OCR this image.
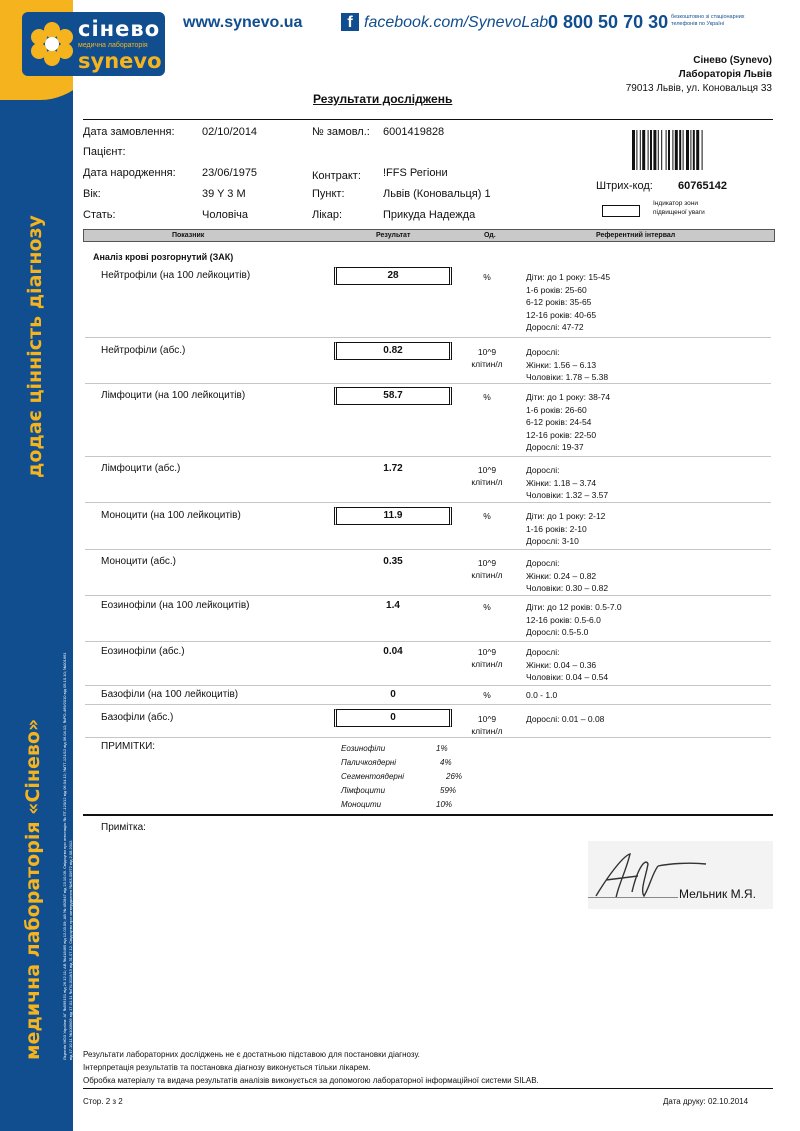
додає цінність діагнозу
медична лабораторія «Сінево»	Ліцензія МОЗ України: АГ №599151 від 26.12.11; АВ №418465 від 12.03.09; АВ № 492847 від 23.10.09. Свідоцтво про атестацію № ПТ-120/12 від 06.04.12; №ПТ-121/12 від 06.04.12; №РО-469/2010 від 05.10.10; №001661 від 17.10.11 №1009/09 від 17.01.11 №ПЧ-0118/13 від 31.07.12. Свідоцтво про затвердження №ЖЗ-00672 від 2.08.2012.
сiнево
медична лабораторія
synevo
www.synevo.ua	f facebook.com/SynevoLab 0 800 50 70 30 безкоштовно зі стаціонарних телефонів по Україні
Сінево (Synevo)
Лабораторія Львів
79013 Львів, ул. Коновальця 33
Результати досліджень
Дата замовлення: 02/10/2014	№ замовл.: 6001419828
Пацієнт:
Дата народження: 23/06/1975	Контракт: !FFS Регіони
Вік:	39 Y 3 M	Пункт:	Львів (Коновальця) 1
Стать:	Чоловіча	Лікар:	Прикуда Надежда
Штрих-код: 60765142
Індикатор зони підвищеної уваги
Показник	Результат	Од.	Референтний інтервал
Аналіз крові розгорнутий (ЗАК)
Нейтрофіли (на 100 лейкоцитів)	28	%	Діти: до 1 року: 15-45
1-6 років: 25-60
6-12 років: 35-65
12-16 років: 40-65
Дорослі: 47-72
Нейтрофіли (абс.)	0.82	10^9
клітин/л
Дорослі:
Жінки: 1.56 – 6.13
Чоловіки: 1.78 – 5.38
Лімфоцити (на 100 лейкоцитів)	58.7	%	Діти: до 1 року: 38-74
1-6 років: 26-60
6-12 років: 24-54
12-16 років: 22-50
Дорослі: 19-37
Лімфоцити (абс.)	1.72	10^9
клітин/л
Дорослі:
Жінки: 1.18 – 3.74
Чоловіки: 1.32 – 3.57
Моноцити (на 100 лейкоцитів)	11.9	%	Діти: до 1 року: 2-12
1-16 років: 2-10
Дорослі: 3-10
Моноцити (абс.)	0.35	10^9
клітин/л
Дорослі:
Жінки: 0.24 – 0.82
Чоловіки: 0.30 – 0.82
Еозинофіли (на 100 лейкоцитів)	1.4	%	Діти: до 12 років: 0.5-7.0
12-16 років: 0.5-6.0
Дорослі: 0.5-5.0
Еозинофіли (абс.)	0.04	10^9
клітин/л
Дорослі:
Жінки: 0.04 – 0.36
Чоловіки: 0.04 – 0.54
Базофіли (на 100 лейкоцитів)	0	%	0.0 - 1.0
Базофіли (абс.)	0	10^9
клітин/л
Дорослі: 0.01 – 0.08
ПРИМІТКИ:	Еозинофіли	1%
Паличкоядерні	4%
Сегментоядерні	26%
Лімфоцити	59%
Моноцити	10%
Примітка:
Мельник М.Я.
Результати лабораторних досліджень не є достатньою підставою для постановки діагнозу.
Інтерпретація результатів та постановка діагнозу виконується тільки лікарем.
Обробка матеріалу та видача результатів аналізів виконується за допомогою лабораторної інформаційної системи SILAB.
Стор. 2 з 2	Дата друку: 02.10.2014
